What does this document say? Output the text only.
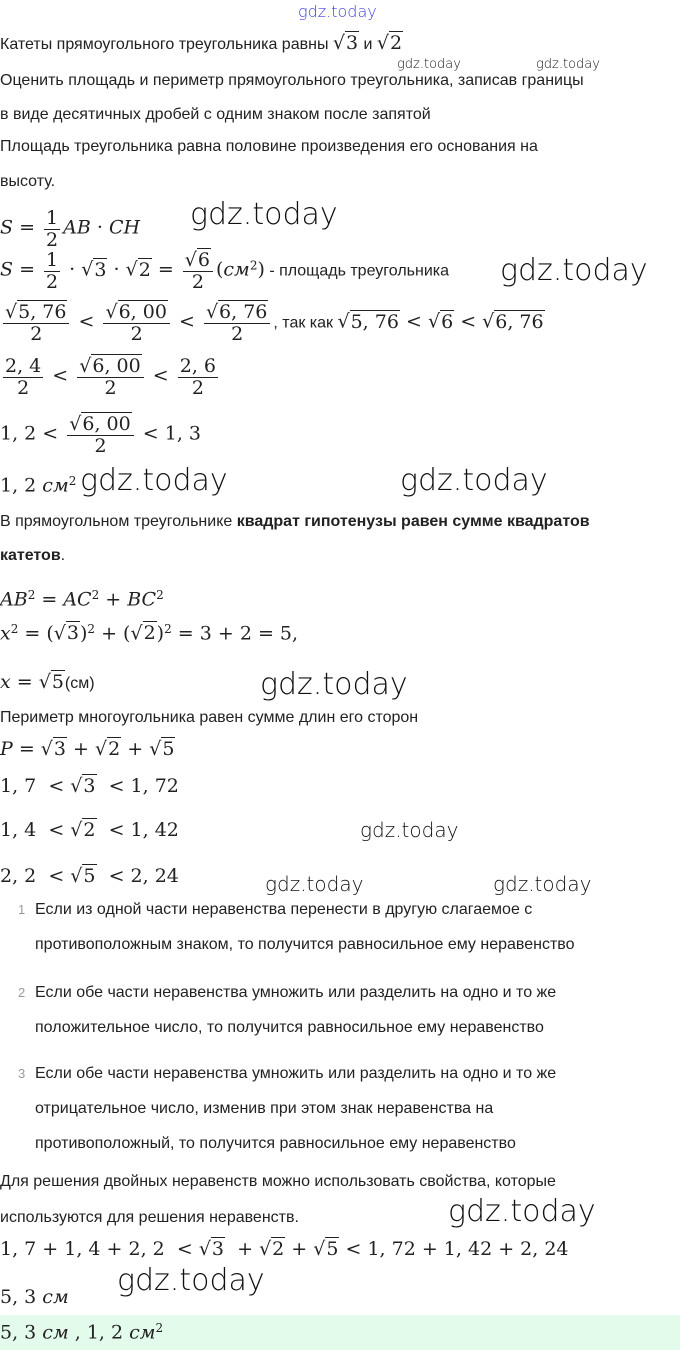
gdz.today
Катеты прямоугольного треугольника равны √3 и √2
gdz.today	gdz.today
Оценить площадь и периметр прямоугольного треугольника, записав границы
в виде десятичных дробей с одним знаком после запятой
Площадь треугольника равна половине произведения его основания на
высоту.
gdz.today
$S = \frac{1}{2}$ AB · CH
$S = \frac{1}{2} \cdot √3 \cdot √2 = \frac{√6}{2} (см^2)$ - площадь треугольника gdz.today
$\frac{√5, 76}{2} < \frac{√6, 00}{2} < \frac{√6, 76}{2}$ , так как √5, 76 < √6 < √6, 76
$\frac{2, 4}{2} < \frac{√6, 00}{2} < \frac{2, 6}{2}$
1, $2 < \frac{√6, 00}{2} < 1$, 3
1, 2 $см^2$ gdz.today	gdz.today
В прямоугольном треугольнике квадрат гипотенузы равен сумме квадратов
катетов.
$AB^2 = AC^2 + BC^2$
$x^2 = (√3)^2 + (√2)^2 = 3 + 2 = 5$,
x = √5(см)	gdz.today
Периметр многоугольника равен сумме длин его сторон
P = √3 + √2 + √5
1, 7  < √3  < 1, 72
1, 4  < √2  < 1, 42
2, 2  < √5  < 2, 24	gdz.today	gdz.today
gdz.today
1 Если из одной части неравенства перенести в другую слагаемое с
противоположным знаком, то получится равносильное ему неравенство
2 Если обе части неравенства умножить или разделить на одно и то же
положительное число, то получится равносильное ему неравенство
3 Если обе части неравенства умножить или разделить на одно и то же
отрицательное число, изменив при этом знак неравенства на
противоположный, то получится равносильное ему неравенство
Для решения двойных неравенств можно использовать свойства, которые
используются для решения неравенств.	gdz.today
1, 7 + 1, 4 + 2, 2  < √3  + √2 + √5 < 1, 72 + 1, 42 + 2, 24
gdz.today
5, 3 см
5, 3 см , 1, 2 $см^2$
